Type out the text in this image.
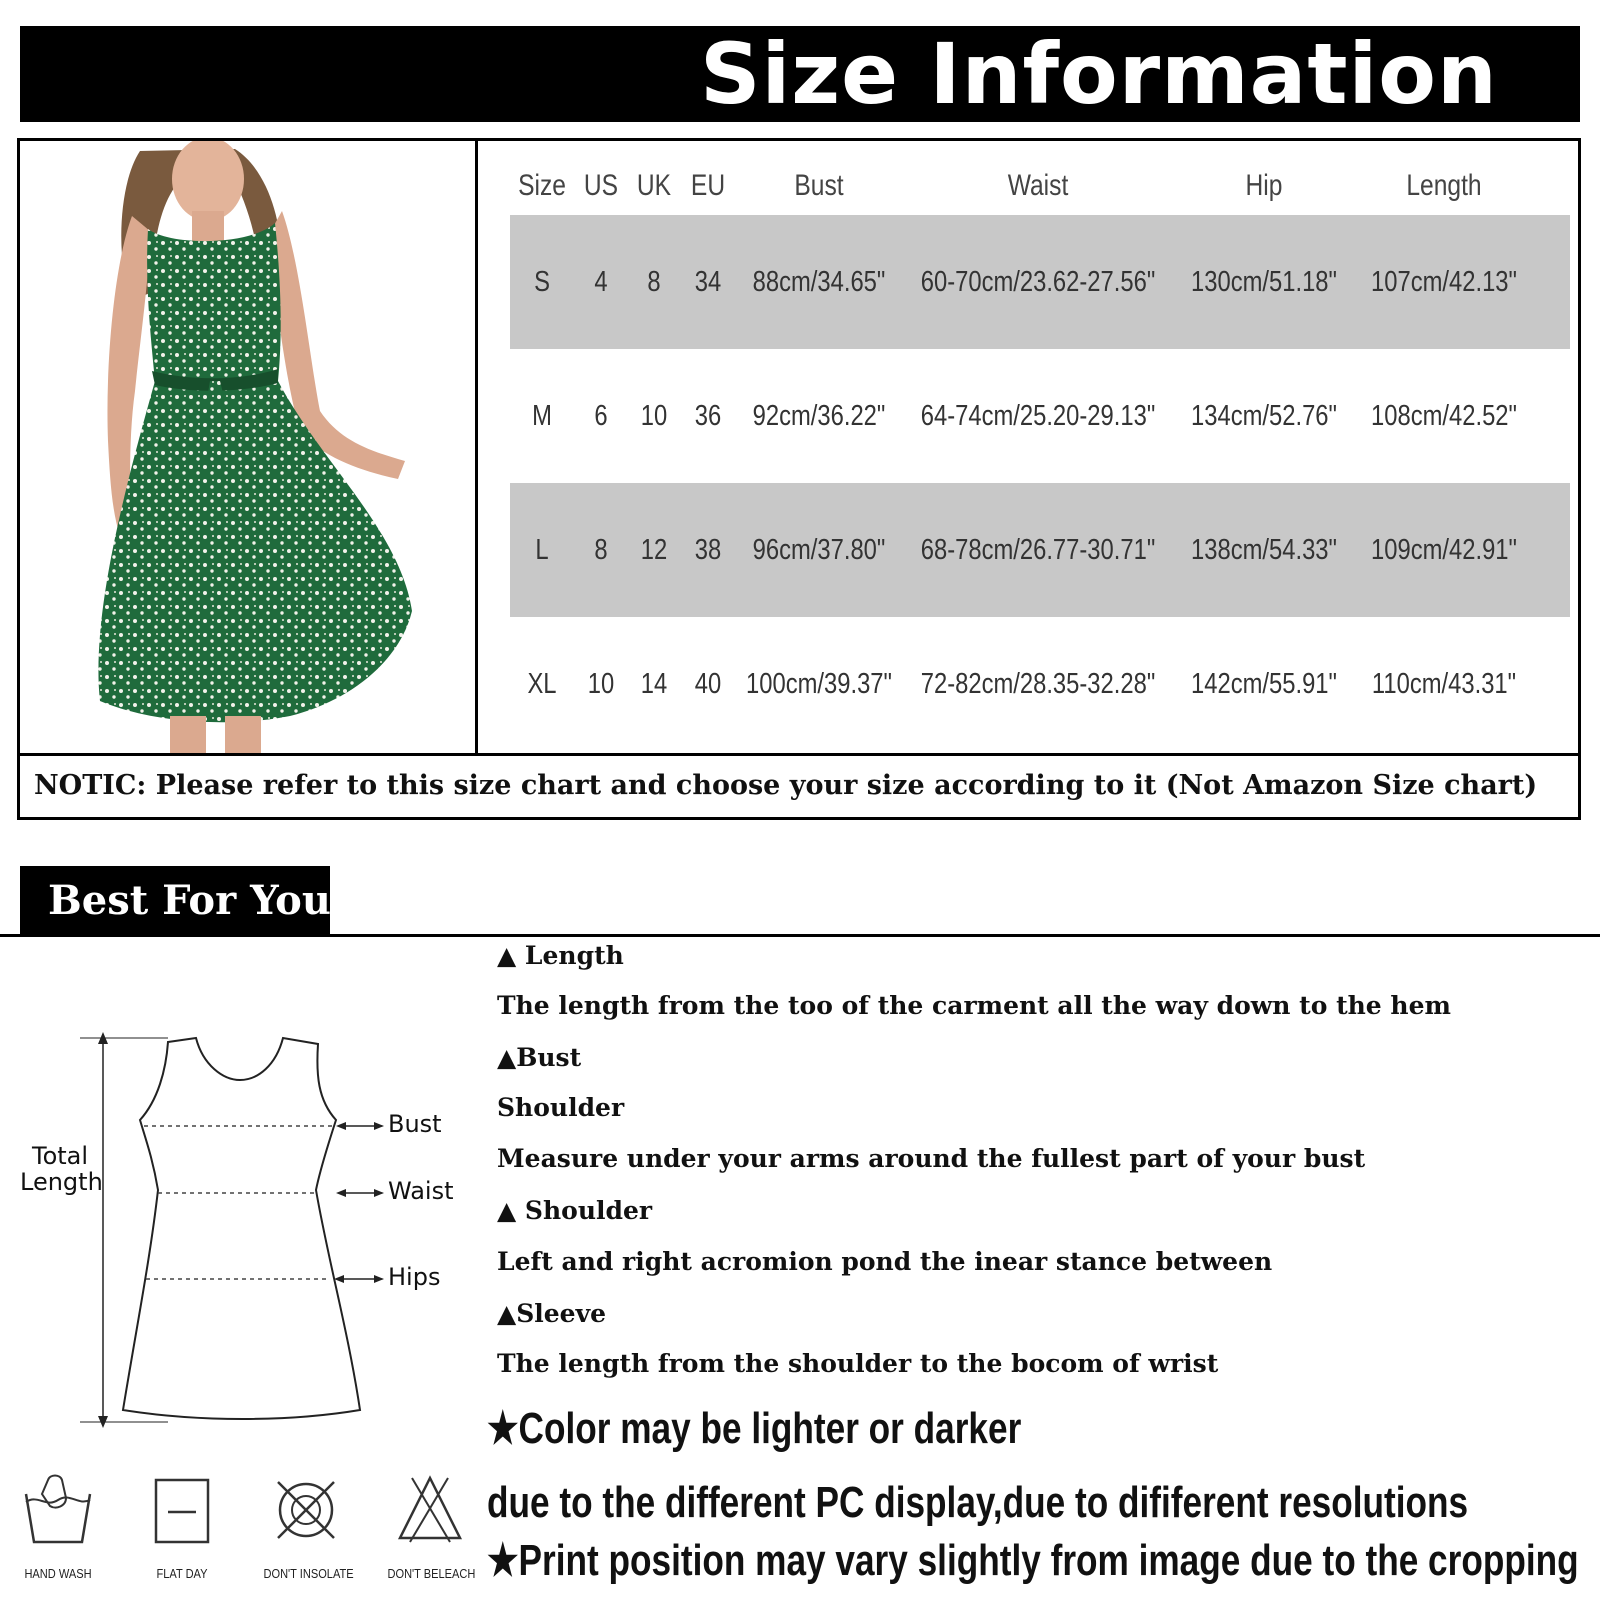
Size Information
Size US UK EU	Bust	Waist	Hip	Length
S	4	8	34	88cm/34.65" 60-70cm/23.62-27.56" 130cm/51.18" 107cm/42.13"
M	6	10 36	92cm/36.22" 64-74cm/25.20-29.13" 134cm/52.76" 108cm/42.52"
L	8	12 38	96cm/37.80" 68-78cm/26.77-30.71" 138cm/54.33" 109cm/42.91"
XL	10 14 40 100cm/39.37" 72-82cm/28.35-32.28" 142cm/55.91" 110cm/43.31"
NOTIC: Please refer to this size chart and choose your size according to it (Not Amazon Size chart)
Best For You
Total
Length
Bust
Waist
Hips
HAND WASH	FLAT DAY	DON'T INSOLATE	DON'T BELEACH
▲ Length
The length from the too of the carment all the way down to the hem
▲Bust
Shoulder
Measure under your arms around the fullest part of your bust
▲ Shoulder
Left and right acromion pond the inear stance between
▲Sleeve
The length from the shoulder to the bocom of wrist
★Color may be lighter or darker
due to the different PC display,due to dififerent resolutions
★Print position may vary slightly from image due to the cropping
